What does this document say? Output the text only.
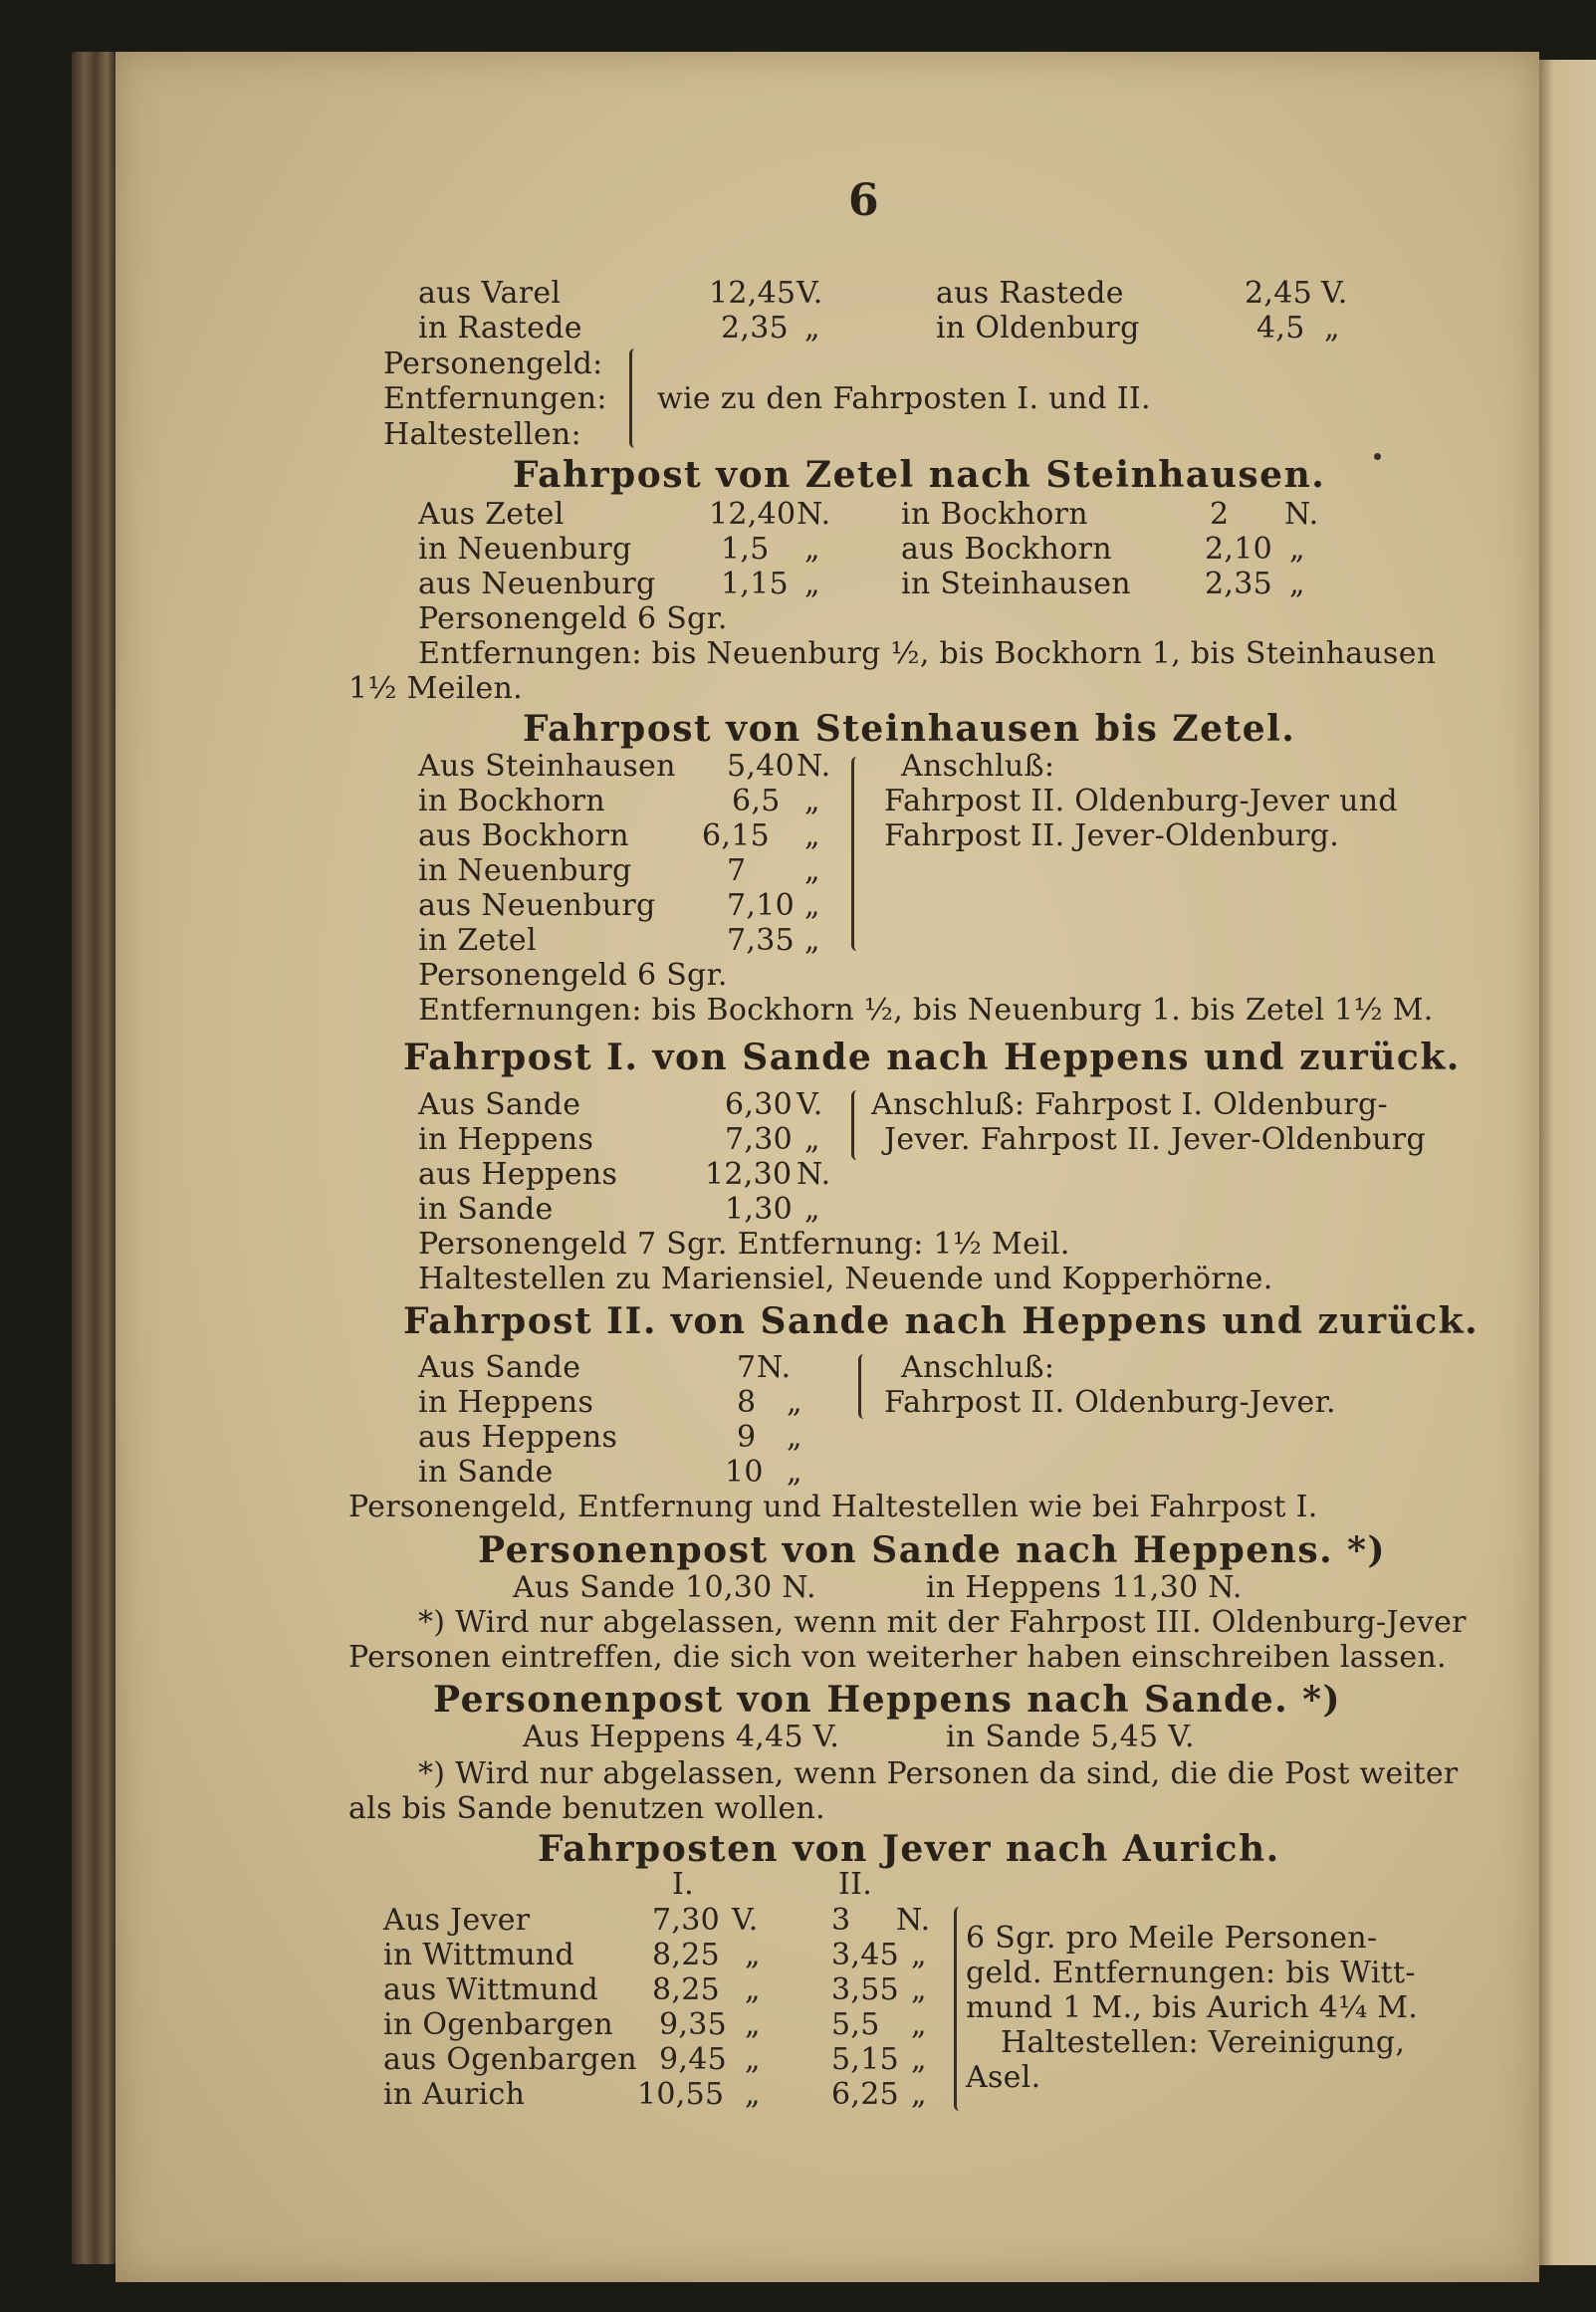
6
aus Varel	12,45 V.	aus Rastede	2,45 V.
in Rastede	2,35 „	in Oldenburg	4,5 „
Personengeld:
Entfernungen: wie zu den Fahrposten I. und II.
Haltestellen:
Fahrpost von Zetel nach Steinhausen.
Aus Zetel	12,40 N. in Bockhorn	2 N.
in Neuenburg	1,5 „	aus Bockhorn	2,10 „
aus Neuenburg 1,15 „	in Steinhausen 2,35 „
Personengeld 6 Sgr.
Entfernungen: bis Neuenburg ½, bis Bockhorn 1, bis Steinhausen
1½ Meilen.
Fahrpost von Steinhausen bis Zetel.
Aus Steinhausen 5,40 N. Anschluß:
in Bockhorn	6,5 „ Fahrpost II. Oldenburg-Jever und
aus Bockhorn 6,15 „ Fahrpost II. Jever-Oldenburg.
in Neuenburg	7 „
aus Neuenburg 7,10 „
in Zetel	7,35 „
Personengeld 6 Sgr.
Entfernungen: bis Bockhorn ½, bis Neuenburg 1. bis Zetel 1½ M.
Fahrpost I. von Sande nach Heppens und zurück.
Aus Sande	6,30 V. Anschluß: Fahrpost I. Oldenburg-
in Heppens	7,30 „ Jever. Fahrpost II. Jever-Oldenburg
aus Heppens	12,30 N.
in Sande	1,30 „
Personengeld 7 Sgr. Entfernung: 1½ Meil.
Haltestellen zu Mariensiel, Neuende und Kopperhörne.
Fahrpost II. von Sande nach Heppens und zurück.
Aus Sande	7 N.	Anschluß:
in Heppens	8 „	Fahrpost II. Oldenburg-Jever.
aus Heppens	9 „
in Sande	10 „
Personengeld, Entfernung und Haltestellen wie bei Fahrpost I.
Personenpost von Sande nach Heppens. *)
Aus Sande 10,30 N.	in Heppens 11,30 N.
*) Wird nur abgelassen, wenn mit der Fahrpost III. Oldenburg-Jever
Personen eintreffen, die sich von weiterher haben einschreiben lassen.
Personenpost von Heppens nach Sande. *)
Aus Heppens 4,45 V.	in Sande 5,45 V.
*) Wird nur abgelassen, wenn Personen da sind, die die Post weiter
als bis Sande benutzen wollen.
Fahrposten von Jever nach Aurich.
I.	II.
Aus Jever	7,30 V. 3 N.
6 Sgr. pro Meile Personen-
in Wittmund	8,25 „ 3,45 „
geld. Entfernungen: bis Witt-
aus Wittmund 8,25 „ 3,55 „
mund 1 M., bis Aurich 4¼ M.
in Ogenbargen 9,35 „ 5,5 „
Haltestellen: Vereinigung,
aus Ogenbargen 9,45 „ 5,15 „
Asel.
in Aurich	10,55 „ 6,25 „
